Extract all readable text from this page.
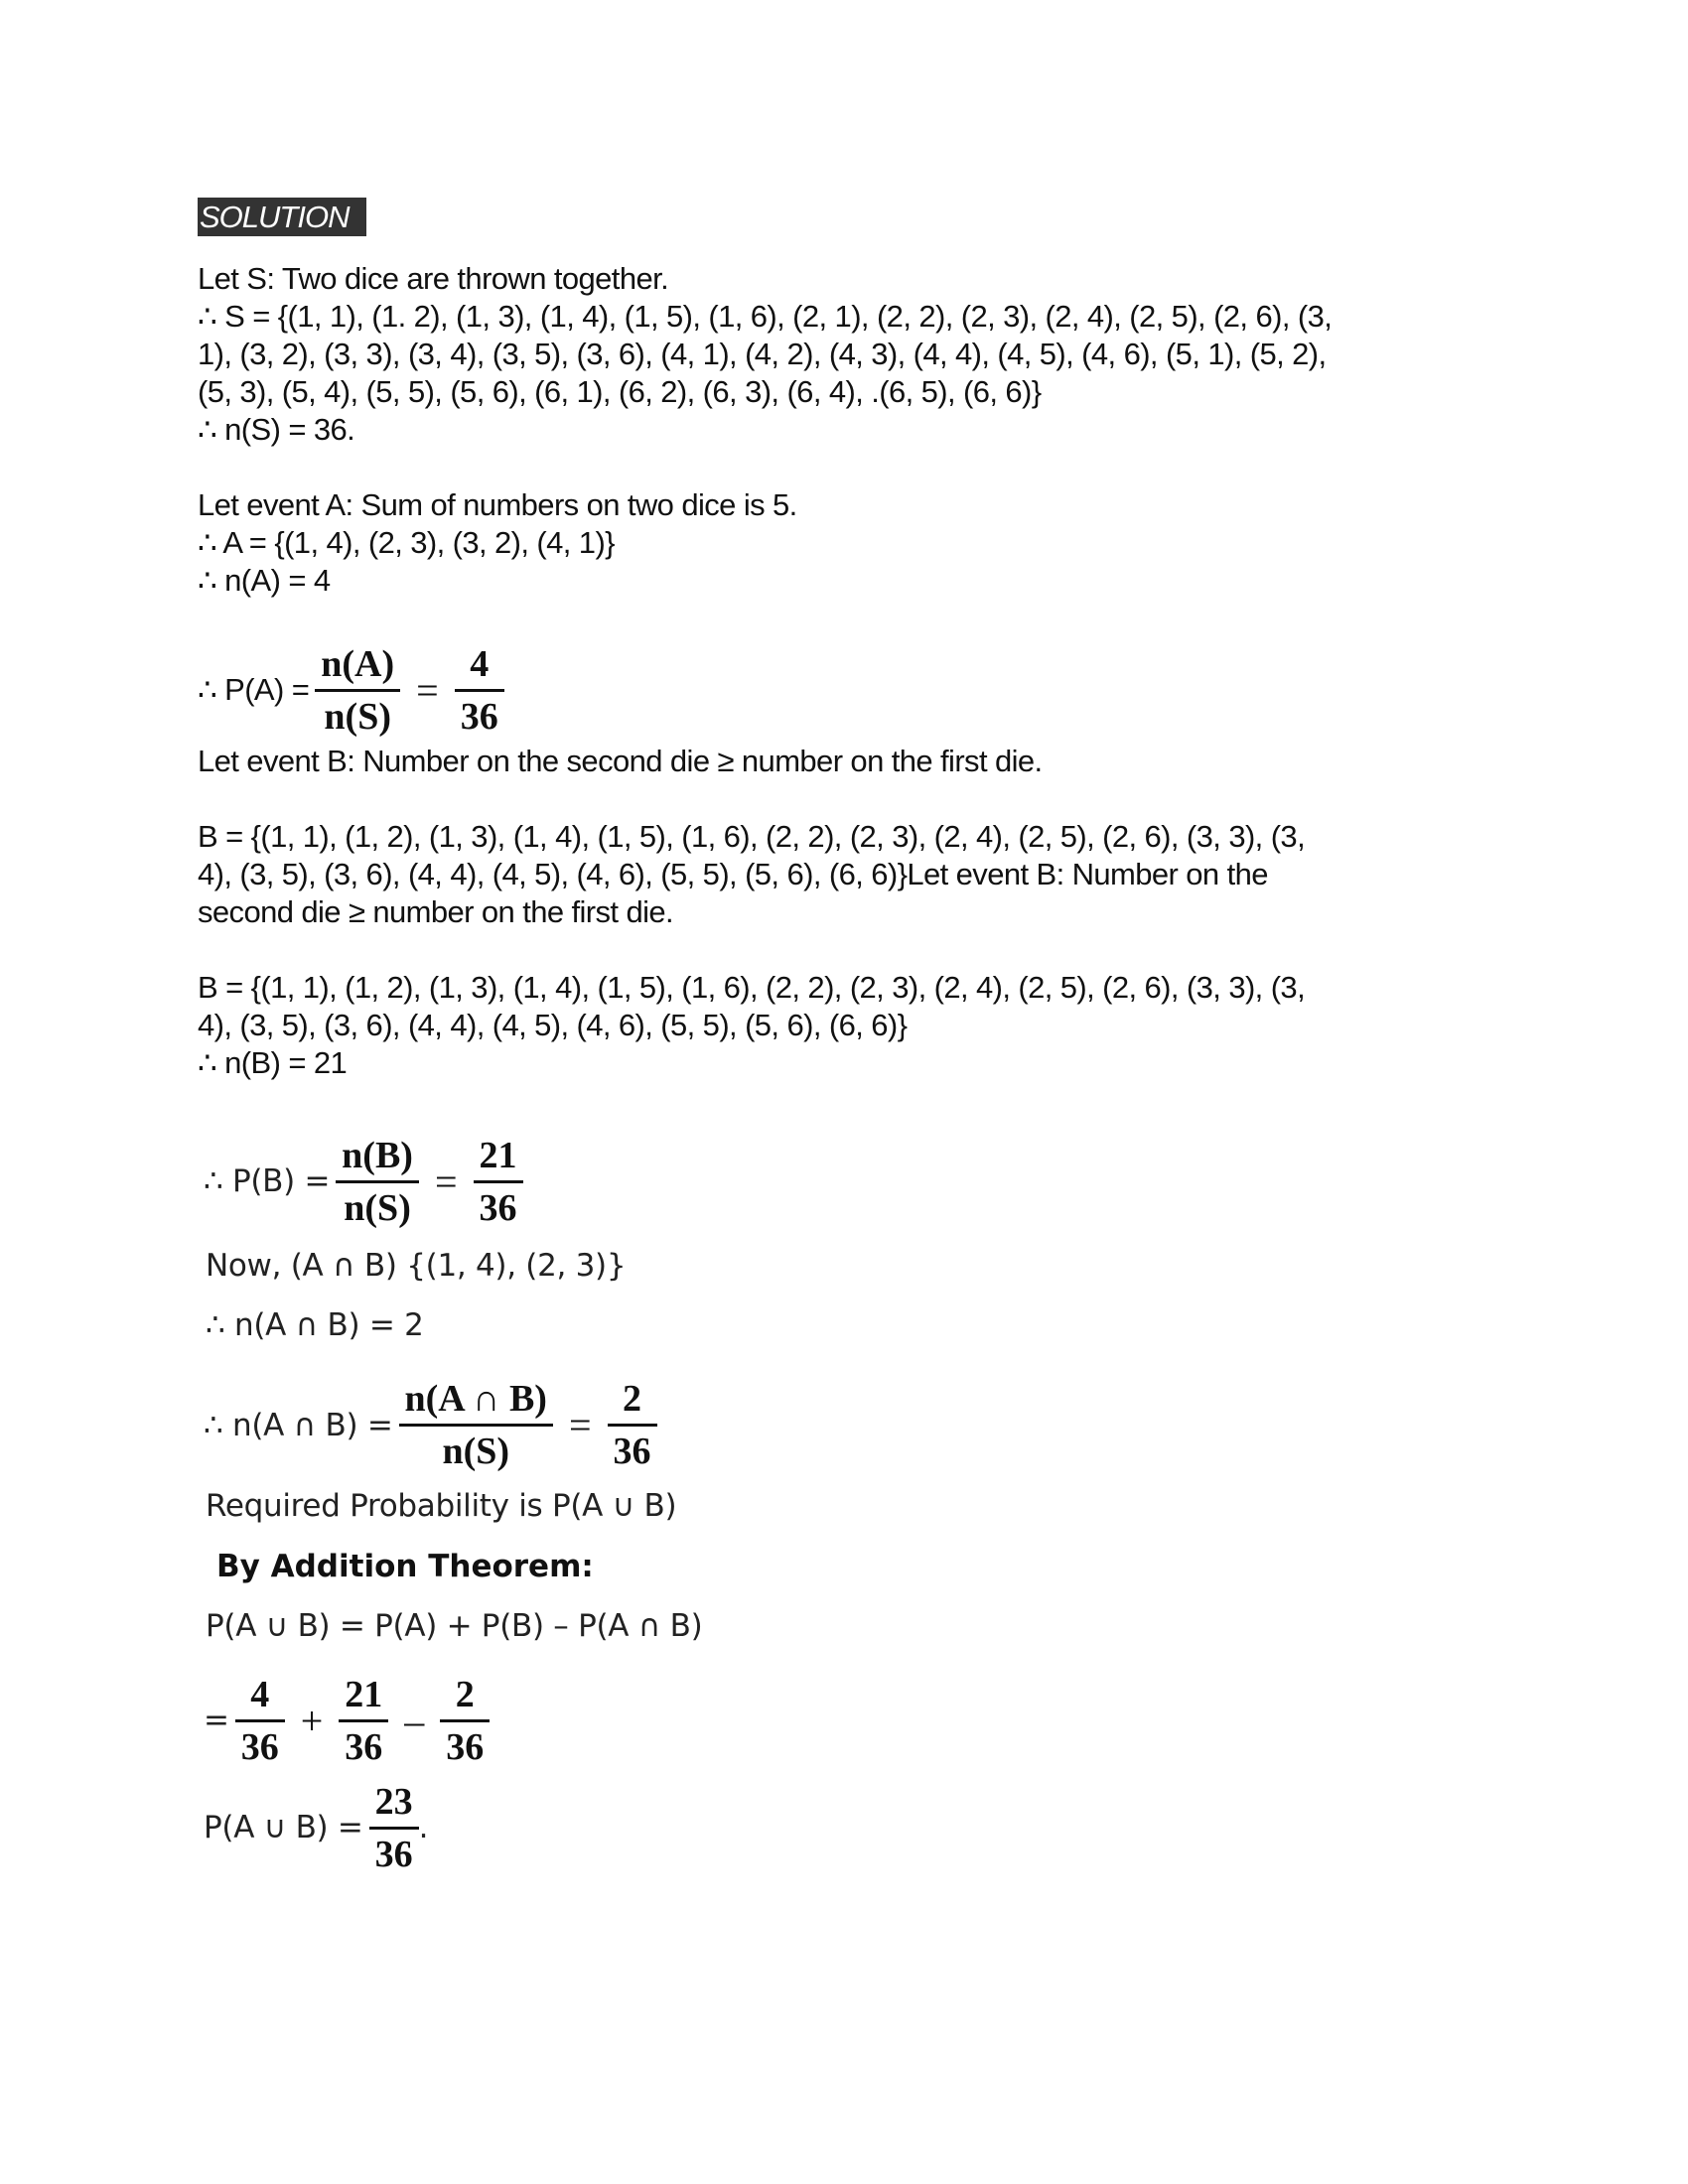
SOLUTION
Let S: Two dice are thrown together.
∴ S = {(1, 1), (1. 2), (1, 3), (1, 4), (1, 5), (1, 6), (2, 1), (2, 2), (2, 3), (2, 4), (2, 5), (2, 6), (3,
1), (3, 2), (3, 3), (3, 4), (3, 5), (3, 6), (4, 1), (4, 2), (4, 3), (4, 4), (4, 5), (4, 6), (5, 1), (5, 2),
(5, 3), (5, 4), (5, 5), (5, 6), (6, 1), (6, 2), (6, 3), (6, 4), .(6, 5), (6, 6)}
∴ n(S) = 36.
Let event A: Sum of numbers on two dice is 5.
∴ A = {(1, 4), (2, 3), (3, 2), (4, 1)}
∴ n(A) = 4
∴ $P(A) = \frac{n(A)}{n(S)} = \frac{4}{36}$
Let event B: Number on the second die ≥ number on the first die.
B = {(1, 1), (1, 2), (1, 3), (1, 4), (1, 5), (1, 6), (2, 2), (2, 3), (2, 4), (2, 5), (2, 6), (3, 3), (3,
4), (3, 5), (3, 6), (4, 4), (4, 5), (4, 6), (5, 5), (5, 6), (6, 6)}Let event B: Number on the
second die ≥ number on the first die.
B = {(1, 1), (1, 2), (1, 3), (1, 4), (1, 5), (1, 6), (2, 2), (2, 3), (2, 4), (2, 5), (2, 6), (3, 3), (3,
4), (3, 5), (3, 6), (4, 4), (4, 5), (4, 6), (5, 5), (5, 6), (6, 6)}
∴ n(B) = 21
∴ $P(B) = \frac{n(B)}{n(S)} = \frac{21}{36}$
Now, (A ∩ B) {(1, 4), (2, 3)}
∴ n(A ∩ B) = 2
∴ n(A ∩ $B) = \frac{n(A \cap B)}{n(S)} = \frac{2}{36}$
Required Probability is P(A ∪ B)
By Addition Theorem:
P(A ∪ B) = P(A) + P(B) – P(A ∩ B)
= $\frac{4}{36} + \frac{21}{36} - \frac{2}{36}$
P(A ∪ $B) = \frac{23}{36}$ .
